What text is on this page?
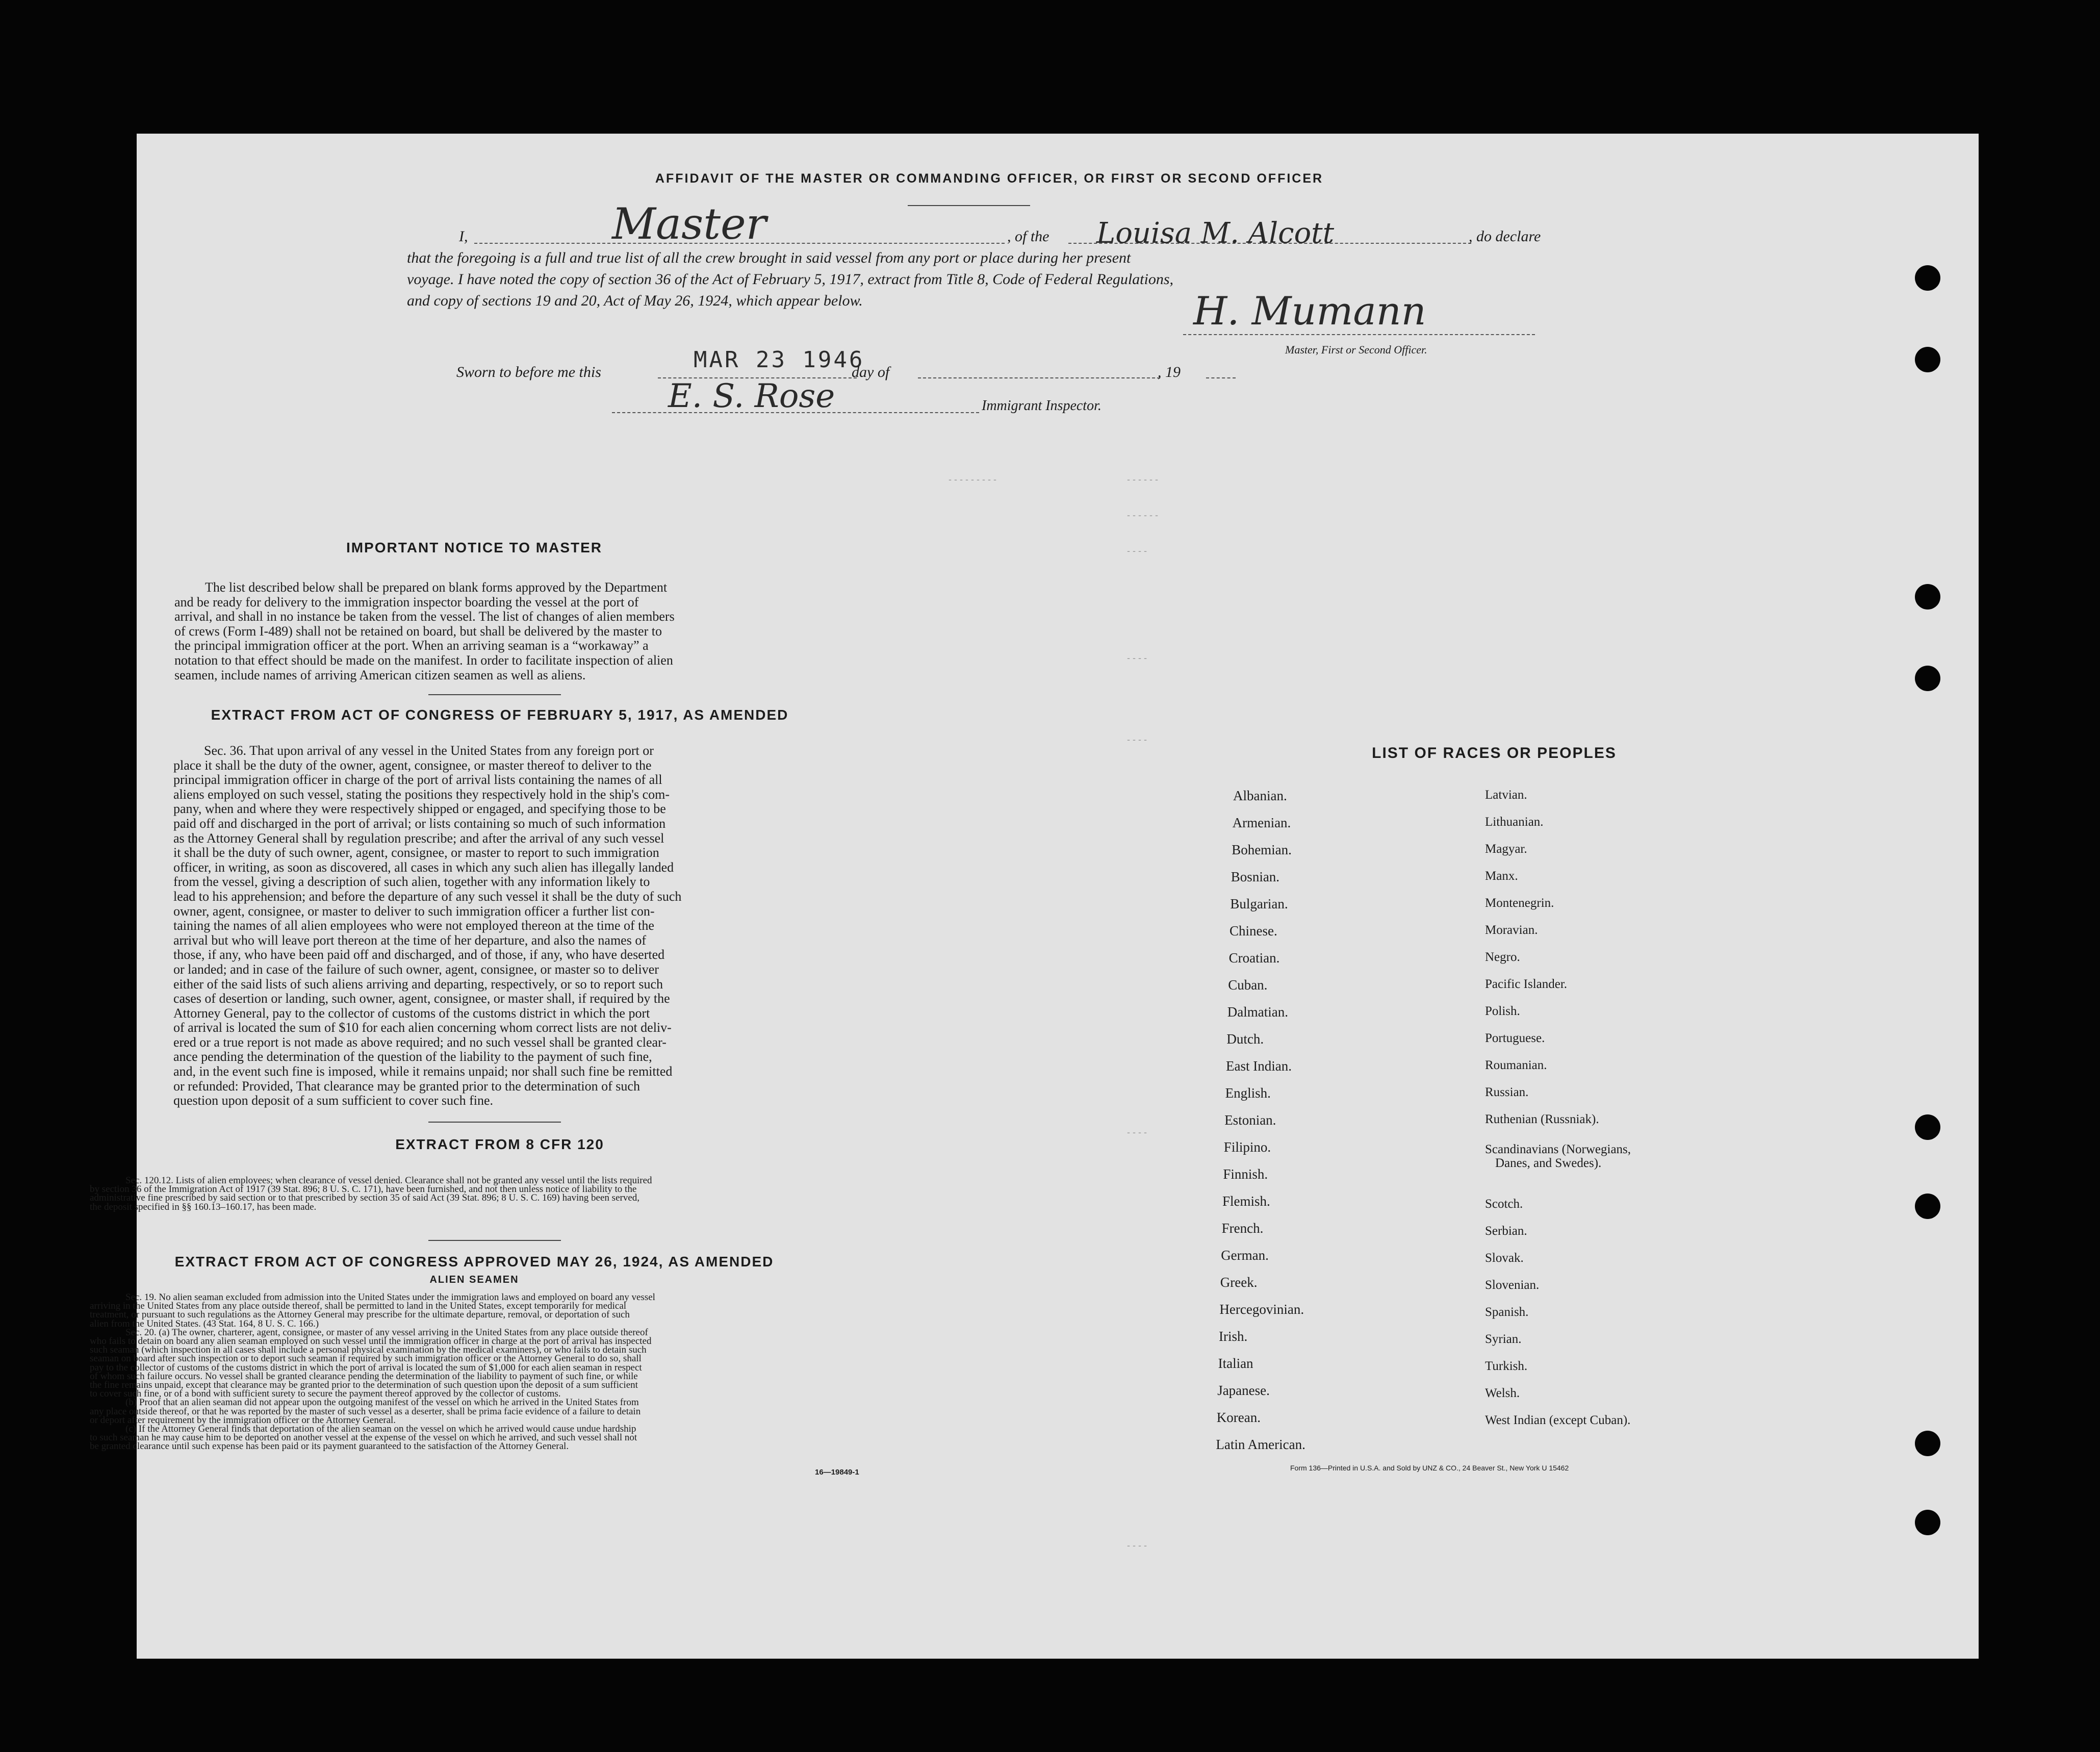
AFFIDAVIT OF THE MASTER OR COMMANDING OFFICER, OR FIRST OR SECOND OFFICER
I,	Master	, of the Louisa M. Alcott	, do declare
that the foregoing is a full and true list of all the crew brought in said vessel from any port or place during her present
voyage. I have noted the copy of section 36 of the Act of February 5, 1917, extract from Title 8, Code of Federal Regulations,
and copy of sections 19 and 20, Act of May 26, 1924, which appear below.	H. Mumann
Master, First or Second Officer.
Sworn to before me this	MAR 23 1946
day of	, 19
E. S. Rose	Immigrant Inspector.
- - - - - - - - -	- - - - - -
- - - - - -
- - - -
- - - -
- - - -
- - - -
- - - -
IMPORTANT NOTICE TO MASTER
The list described below shall be prepared on blank forms approved by the Department
and be ready for delivery to the immigration inspector boarding the vessel at the port of
arrival, and shall in no instance be taken from the vessel. The list of changes of alien members
of crews (Form I-489) shall not be retained on board, but shall be delivered by the master to
the principal immigration officer at the port. When an arriving seaman is a “workaway” a
notation to that effect should be made on the manifest. In order to facilitate inspection of alien
seamen, include names of arriving American citizen seamen as well as aliens.
EXTRACT FROM ACT OF CONGRESS OF FEBRUARY 5, 1917, AS AMENDED
Sec. 36. That upon arrival of any vessel in the United States from any foreign port or
place it shall be the duty of the owner, agent, consignee, or master thereof to deliver to the
principal immigration officer in charge of the port of arrival lists containing the names of all
aliens employed on such vessel, stating the positions they respectively hold in the ship's com-
pany, when and where they were respectively shipped or engaged, and specifying those to be
paid off and discharged in the port of arrival; or lists containing so much of such information
as the Attorney General shall by regulation prescribe; and after the arrival of any such vessel
it shall be the duty of such owner, agent, consignee, or master to report to such immigration
officer, in writing, as soon as discovered, all cases in which any such alien has illegally landed
from the vessel, giving a description of such alien, together with any information likely to
lead to his apprehension; and before the departure of any such vessel it shall be the duty of such
owner, agent, consignee, or master to deliver to such immigration officer a further list con-
taining the names of all alien employees who were not employed thereon at the time of the
arrival but who will leave port thereon at the time of her departure, and also the names of
those, if any, who have been paid off and discharged, and of those, if any, who have deserted
or landed; and in case of the failure of such owner, agent, consignee, or master so to deliver
either of the said lists of such aliens arriving and departing, respectively, or so to report such
cases of desertion or landing, such owner, agent, consignee, or master shall, if required by the
Attorney General, pay to the collector of customs of the customs district in which the port
of arrival is located the sum of $10 for each alien concerning whom correct lists are not deliv-
ered or a true report is not made as above required; and no such vessel shall be granted clear-
ance pending the determination of the question of the liability to the payment of such fine,
and, in the event such fine is imposed, while it remains unpaid; nor shall such fine be remitted
or refunded: Provided, That clearance may be granted prior to the determination of such
question upon deposit of a sum sufficient to cover such fine.
EXTRACT FROM 8 CFR 120
Sec. 120.12. Lists of alien employees; when clearance of vessel denied. Clearance shall not be granted any vessel until the lists required
by section 36 of the Immigration Act of 1917 (39 Stat. 896; 8 U. S. C. 171), have been furnished, and not then unless notice of liability to the
administrative fine prescribed by said section or to that prescribed by section 35 of said Act (39 Stat. 896; 8 U. S. C. 169) having been served,
the deposit specified in §§ 160.13–160.17, has been made.
EXTRACT FROM ACT OF CONGRESS APPROVED MAY 26, 1924, AS AMENDED
ALIEN SEAMEN
Sec. 19. No alien seaman excluded from admission into the United States under the immigration laws and employed on board any vessel
arriving in the United States from any place outside thereof, shall be permitted to land in the United States, except temporarily for medical
treatment, or pursuant to such regulations as the Attorney General may prescribe for the ultimate departure, removal, or deportation of such
alien from the United States. (43 Stat. 164, 8 U. S. C. 166.)
Sec. 20. (a) The owner, charterer, agent, consignee, or master of any vessel arriving in the United States from any place outside thereof
who fails to detain on board any alien seaman employed on such vessel until the immigration officer in charge at the port of arrival has inspected
such seaman (which inspection in all cases shall include a personal physical examination by the medical examiners), or who fails to detain such
seaman on board after such inspection or to deport such seaman if required by such immigration officer or the Attorney General to do so, shall
pay to the collector of customs of the customs district in which the port of arrival is located the sum of $1,000 for each alien seaman in respect
of whom such failure occurs. No vessel shall be granted clearance pending the determination of the liability to payment of such fine, or while
the fine remains unpaid, except that clearance may be granted prior to the determination of such question upon the deposit of a sum sufficient
to cover such fine, or of a bond with sufficient surety to secure the payment thereof approved by the collector of customs.
(b) Proof that an alien seaman did not appear upon the outgoing manifest of the vessel on which he arrived in the United States from
any place outside thereof, or that he was reported by the master of such vessel as a deserter, shall be prima facie evidence of a failure to detain
or deport after requirement by the immigration officer or the Attorney General.
(c) If the Attorney General finds that deportation of the alien seaman on the vessel on which he arrived would cause undue hardship
to such seaman he may cause him to be deported on another vessel at the expense of the vessel on which he arrived, and such vessel shall not
be granted clearance until such expense has been paid or its payment guaranteed to the satisfaction of the Attorney General.
16—19849-1
LIST OF RACES OR PEOPLES
Albanian.
Armenian.
Bohemian.
Bosnian.
Bulgarian.
Chinese.
Croatian.
Cuban.
Dalmatian.
Dutch.
East Indian.
English.
Estonian.
Filipino.
Finnish.
Flemish.
French.
German.
Greek.
Hercegovinian.
Irish.
Italian
Japanese.
Korean.
Latin American.
Latvian.
Lithuanian.
Magyar.
Manx.
Montenegrin.
Moravian.
Negro.
Pacific Islander.
Polish.
Portuguese.
Roumanian.
Russian.
Ruthenian (Russniak).
Scandinavians (Norwegians,
Danes, and Swedes).
Scotch.
Serbian.
Slovak.
Slovenian.
Spanish.
Syrian.
Turkish.
Welsh.
West Indian (except Cuban).
Form 136—Printed in U.S.A. and Sold by UNZ & CO., 24 Beaver St., New York U 15462
